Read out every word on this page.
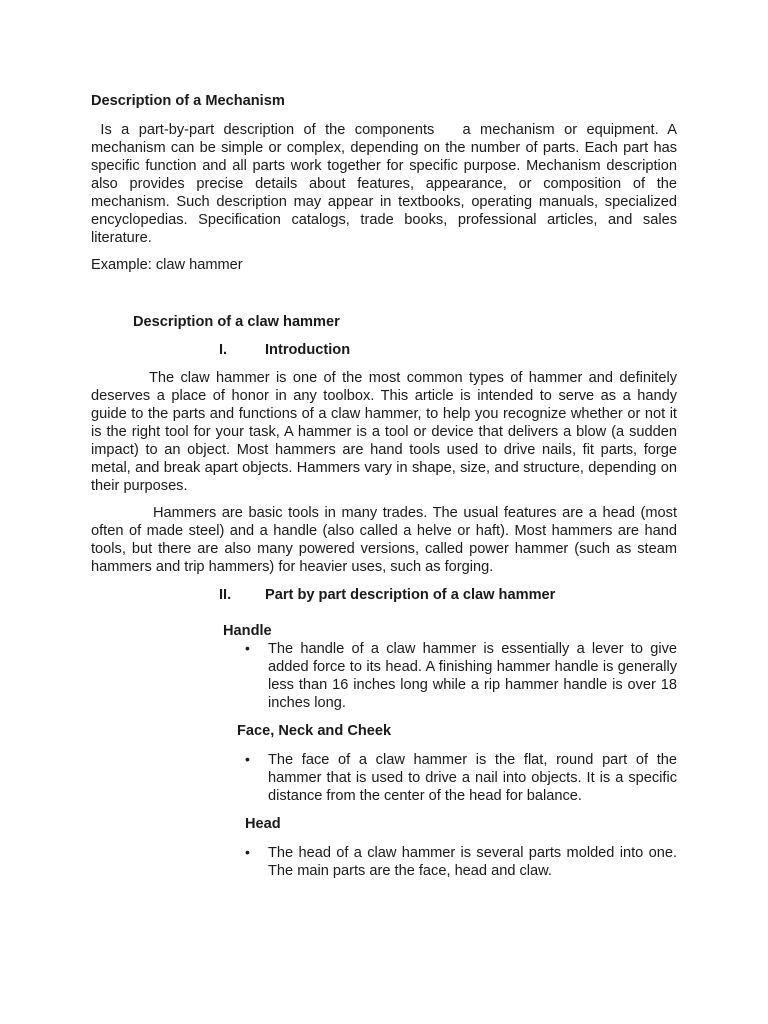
Description of a Mechanism

Is a part-by-part description of the components   a mechanism or equipment. A mechanism can be simple or complex, depending on the number of parts. Each part has specific function and all parts work together for specific purpose. Mechanism description also provides precise details about features, appearance, or composition of the mechanism. Such description may appear in textbooks, operating manuals, specialized encyclopedias. Specification catalogs, trade books, professional articles, and sales literature.

Example: claw hammer

Description of a claw hammer

I.	Introduction

The claw hammer is one of the most common types of hammer and definitely deserves a place of honor in any toolbox. This article is intended to serve as a handy guide to the parts and functions of a claw hammer, to help you recognize whether or not it is the right tool for your task, A hammer is a tool or device that delivers a blow (a sudden impact) to an object. Most hammers are hand tools used to drive nails, fit parts, forge metal, and break apart objects. Hammers vary in shape, size, and structure, depending on their purposes.

Hammers are basic tools in many trades. The usual features are a head (most often of made steel) and a handle (also called a helve or haft). Most hammers are hand tools, but there are also many powered versions, called power hammer (such as steam hammers and trip hammers) for heavier uses, such as forging.

II. Part by part description of a claw hammer

Handle

• The handle of a claw hammer is essentially a lever to give added force to its head. A finishing hammer handle is generally less than 16 inches long while a rip hammer handle is over 18 inches long.

Face, Neck and Cheek

• The face of a claw hammer is the flat, round part of the hammer that is used to drive a nail into objects. It is a specific distance from the center of the head for balance.

Head

• The head of a claw hammer is several parts molded into one. The main parts are the face, head and claw.
